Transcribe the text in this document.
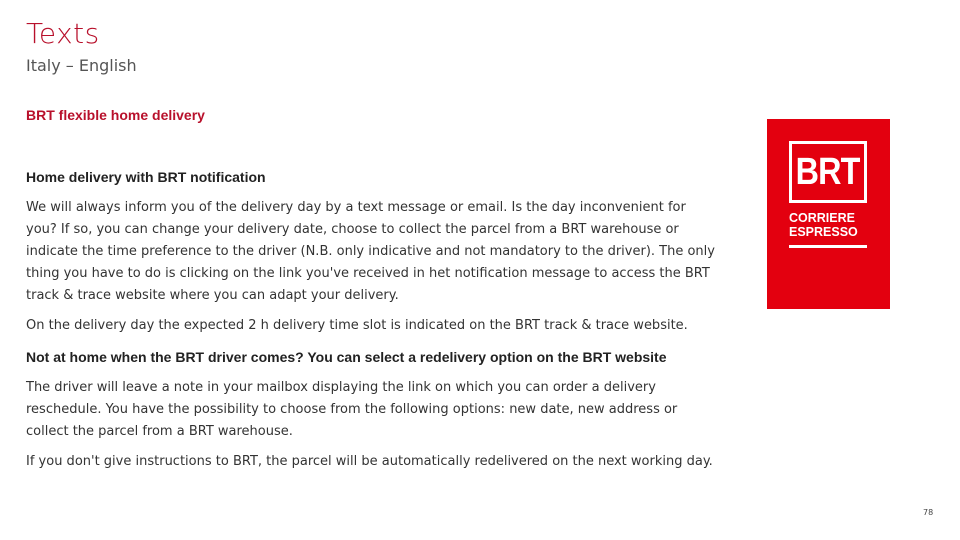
Texts
Italy – English
BRT flexible home delivery

Home delivery with BRT notification

We will always inform you of the delivery day by a text message or email. Is the day inconvenient for you? If so, you can change your delivery date, choose to collect the parcel from a BRT warehouse or indicate the time preference to the driver (N.B. only indicative and not mandatory to the driver). The only thing you have to do is clicking on the link you've received in het notification message to access the BRT track & trace website where you can adapt your delivery.

On the delivery day the expected 2 h delivery time slot is indicated on the BRT track & trace website.

Not at home when the BRT driver comes? You can select a redelivery option on the BRT website

The driver will leave a note in your mailbox displaying the link on which you can order a delivery reschedule. You have the possibility to choose from the following options: new date, new address or collect the parcel from a BRT warehouse.

If you don't give instructions to BRT, the parcel will be automatically redelivered on the next working day.

BRT
CORRIERE
ESPRESSO
78
